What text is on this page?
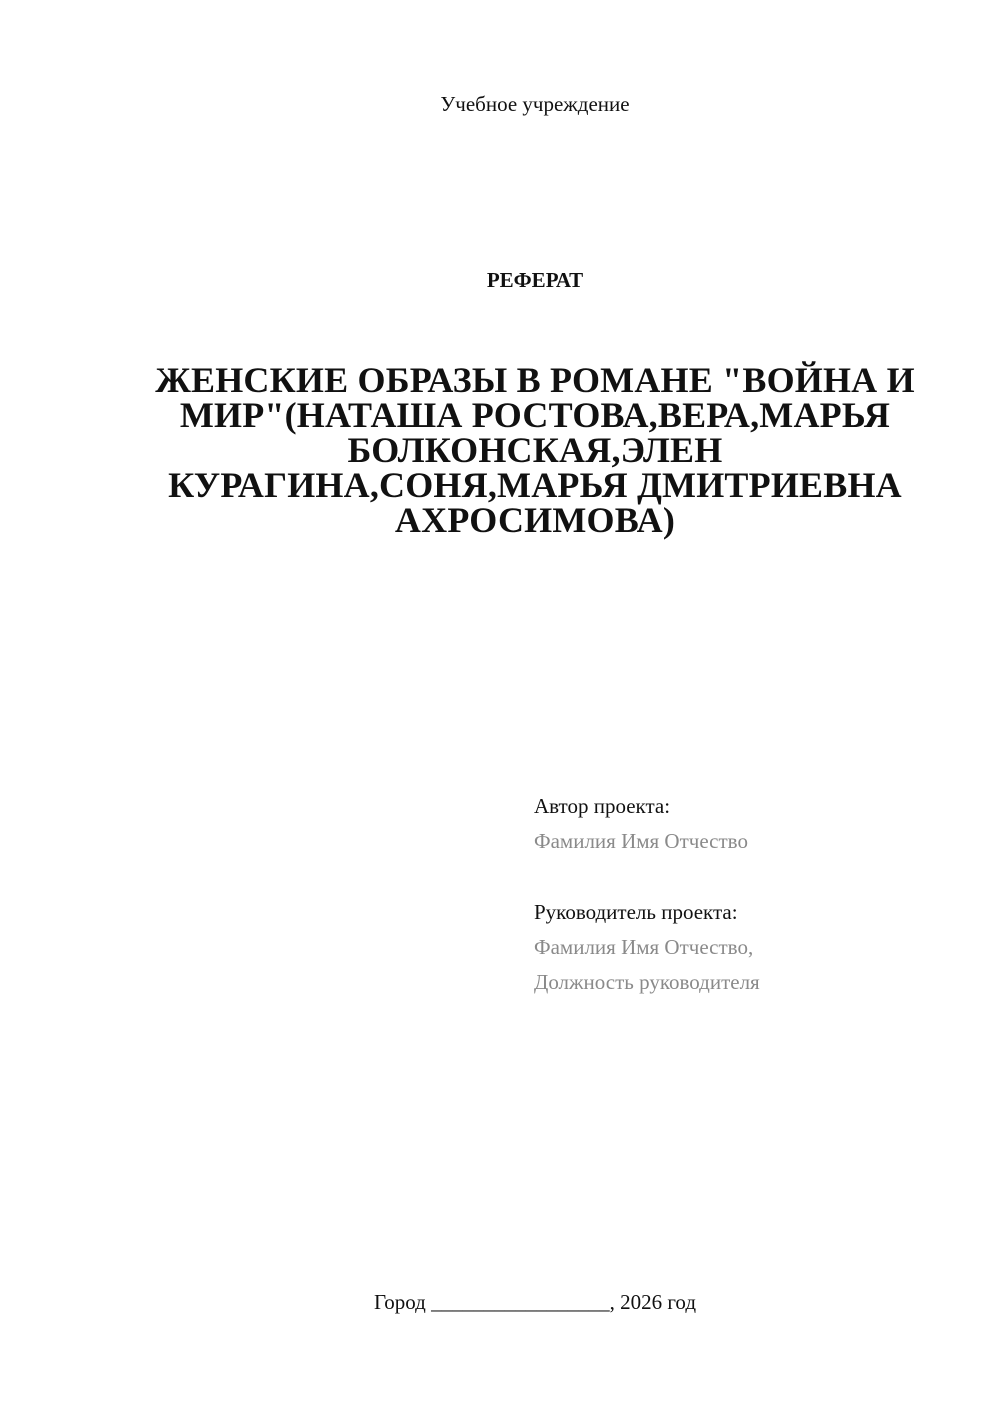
Учебное учреждение
РЕФЕРАТ
ЖЕНСКИЕ ОБРАЗЫ В РОМАНЕ "ВОЙНА И МИР"(НАТАША РОСТОВА,ВЕРА,МАРЬЯ БОЛКОНСКАЯ,ЭЛЕН КУРАГИНА,СОНЯ,МАРЬЯ ДМИТРИЕВНА АХРОСИМОВА)
Автор проекта:
Фамилия Имя Отчество
Руководитель проекта:
Фамилия Имя Отчество,
Должность руководителя
Город _________________, 2026 год
